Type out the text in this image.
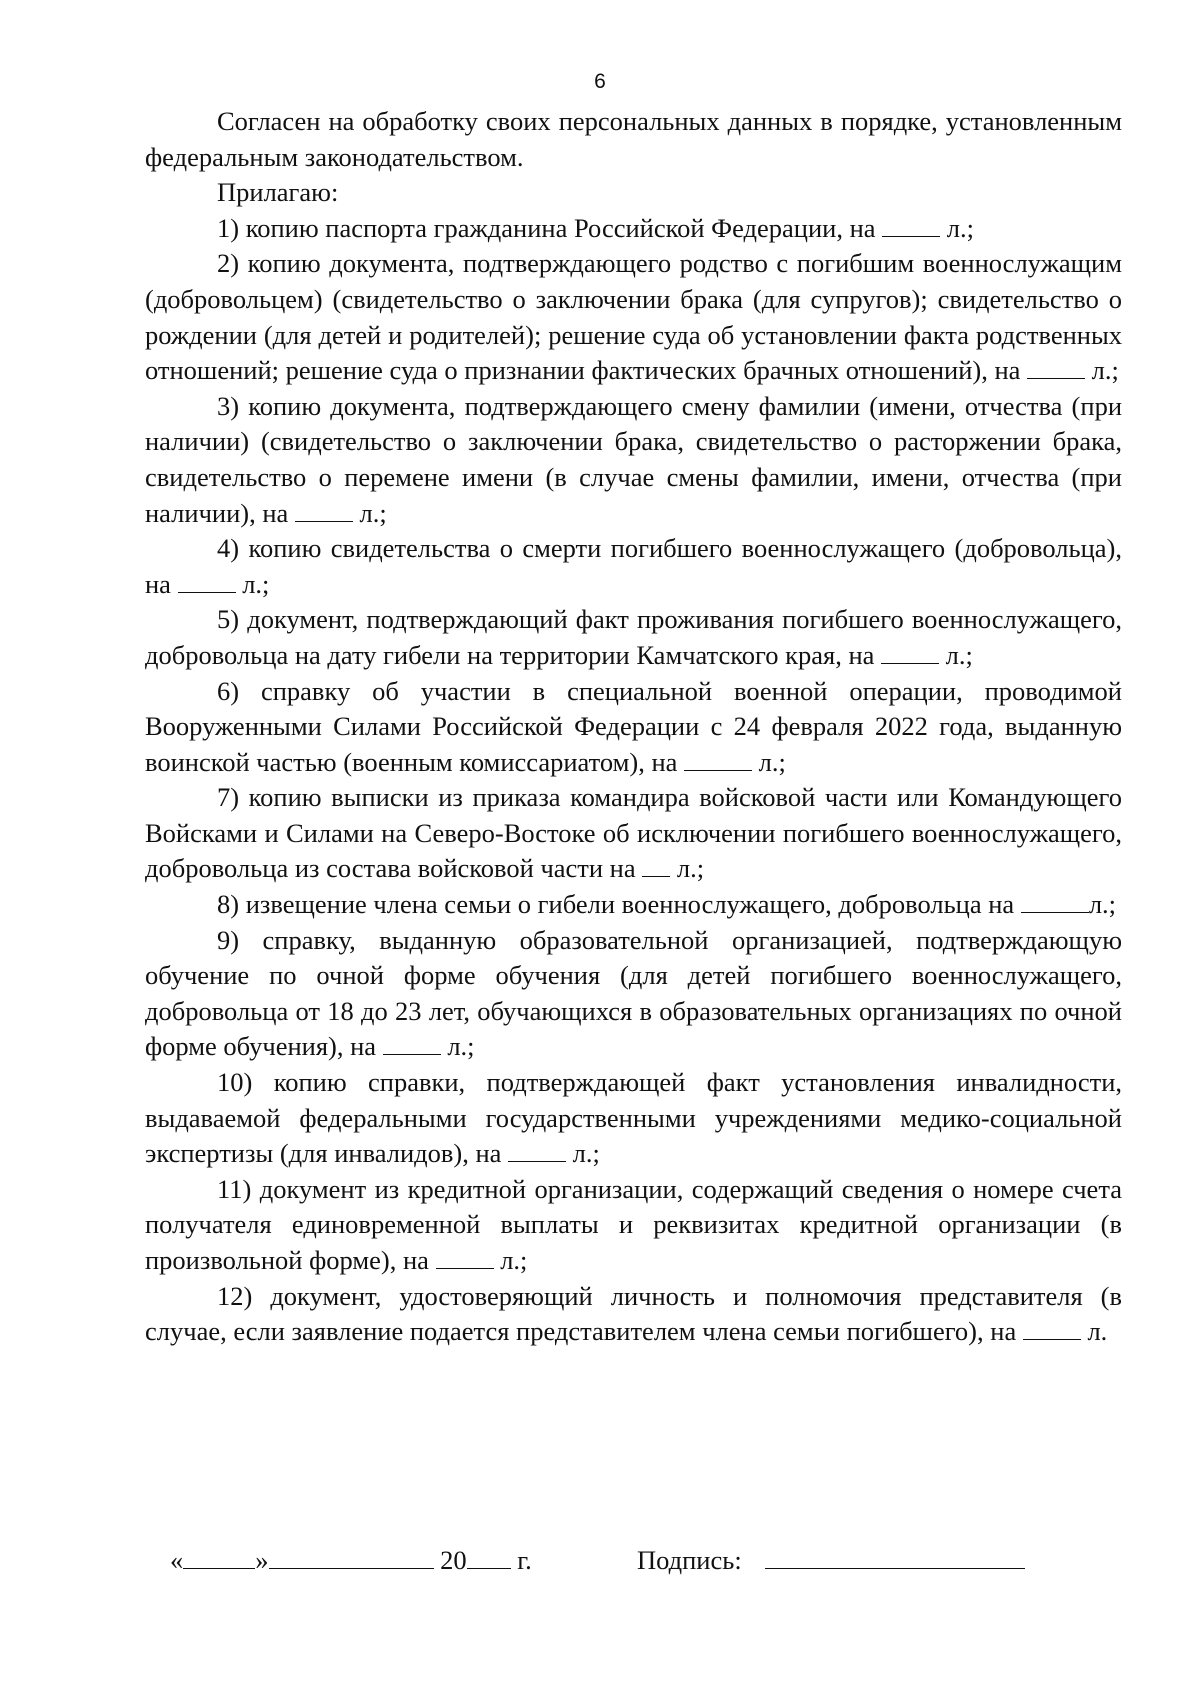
6

Согласен на обработку своих персональных данных в порядке, установленным федеральным законодательством.

Прилагаю:

1) копию паспорта гражданина Российской Федерации, на	л.;

2) копию документа, подтверждающего родство с погибшим военнослужащим (добровольцем) (свидетельство о заключении брака (для супругов); свидетельство о рождении (для детей и родителей); решение суда об установлении факта родственных отношений; решение суда о признании фактических брачных отношений), на	л.;

3) копию документа, подтверждающего смену фамилии (имени, отчества (при наличии) (свидетельство о заключении брака, свидетельство о расторжении брака, свидетельство о перемене имени (в случае смены фамилии, имени, отчества (при наличии), на	л.;

4) копию свидетельства о смерти погибшего военнослужащего (добровольца), на	л.;

5) документ, подтверждающий факт проживания погибшего военнослужащего, добровольца на дату гибели на территории Камчатского края, на	л.;

6) справку об участии в специальной военной операции, проводимой Вооруженными Силами Российской Федерации с 24 февраля 2022 года, выданную воинской частью (военным комиссариатом), на	л.;

7) копию выписки из приказа командира войсковой части или Командующего Войсками и Силами на Северо-Востоке об исключении погибшего военнослужащего, добровольца из состава войсковой части на л.;

8) извещение члена семьи о гибели военнослужащего, добровольца на	л.;

9) справку, выданную образовательной организацией, подтверждающую обучение по очной форме обучения (для детей погибшего военнослужащего, добровольца от 18 до 23 лет, обучающихся в образовательных организациях по очной форме обучения), на	л.;

10) копию справки, подтверждающей факт установления инвалидности, выдаваемой федеральными государственными учреждениями медико-социальной экспертизы (для инвалидов), на	л.;

11) документ из кредитной организации, содержащий сведения о номере счета получателя единовременной выплаты и реквизитах кредитной организации (в произвольной форме), на	л.;

12) документ, удостоверяющий личность и полномочия представителя (в случае, если заявление подается представителем члена семьи погибшего), на	л.

«	»	20 г.	Подпись:
